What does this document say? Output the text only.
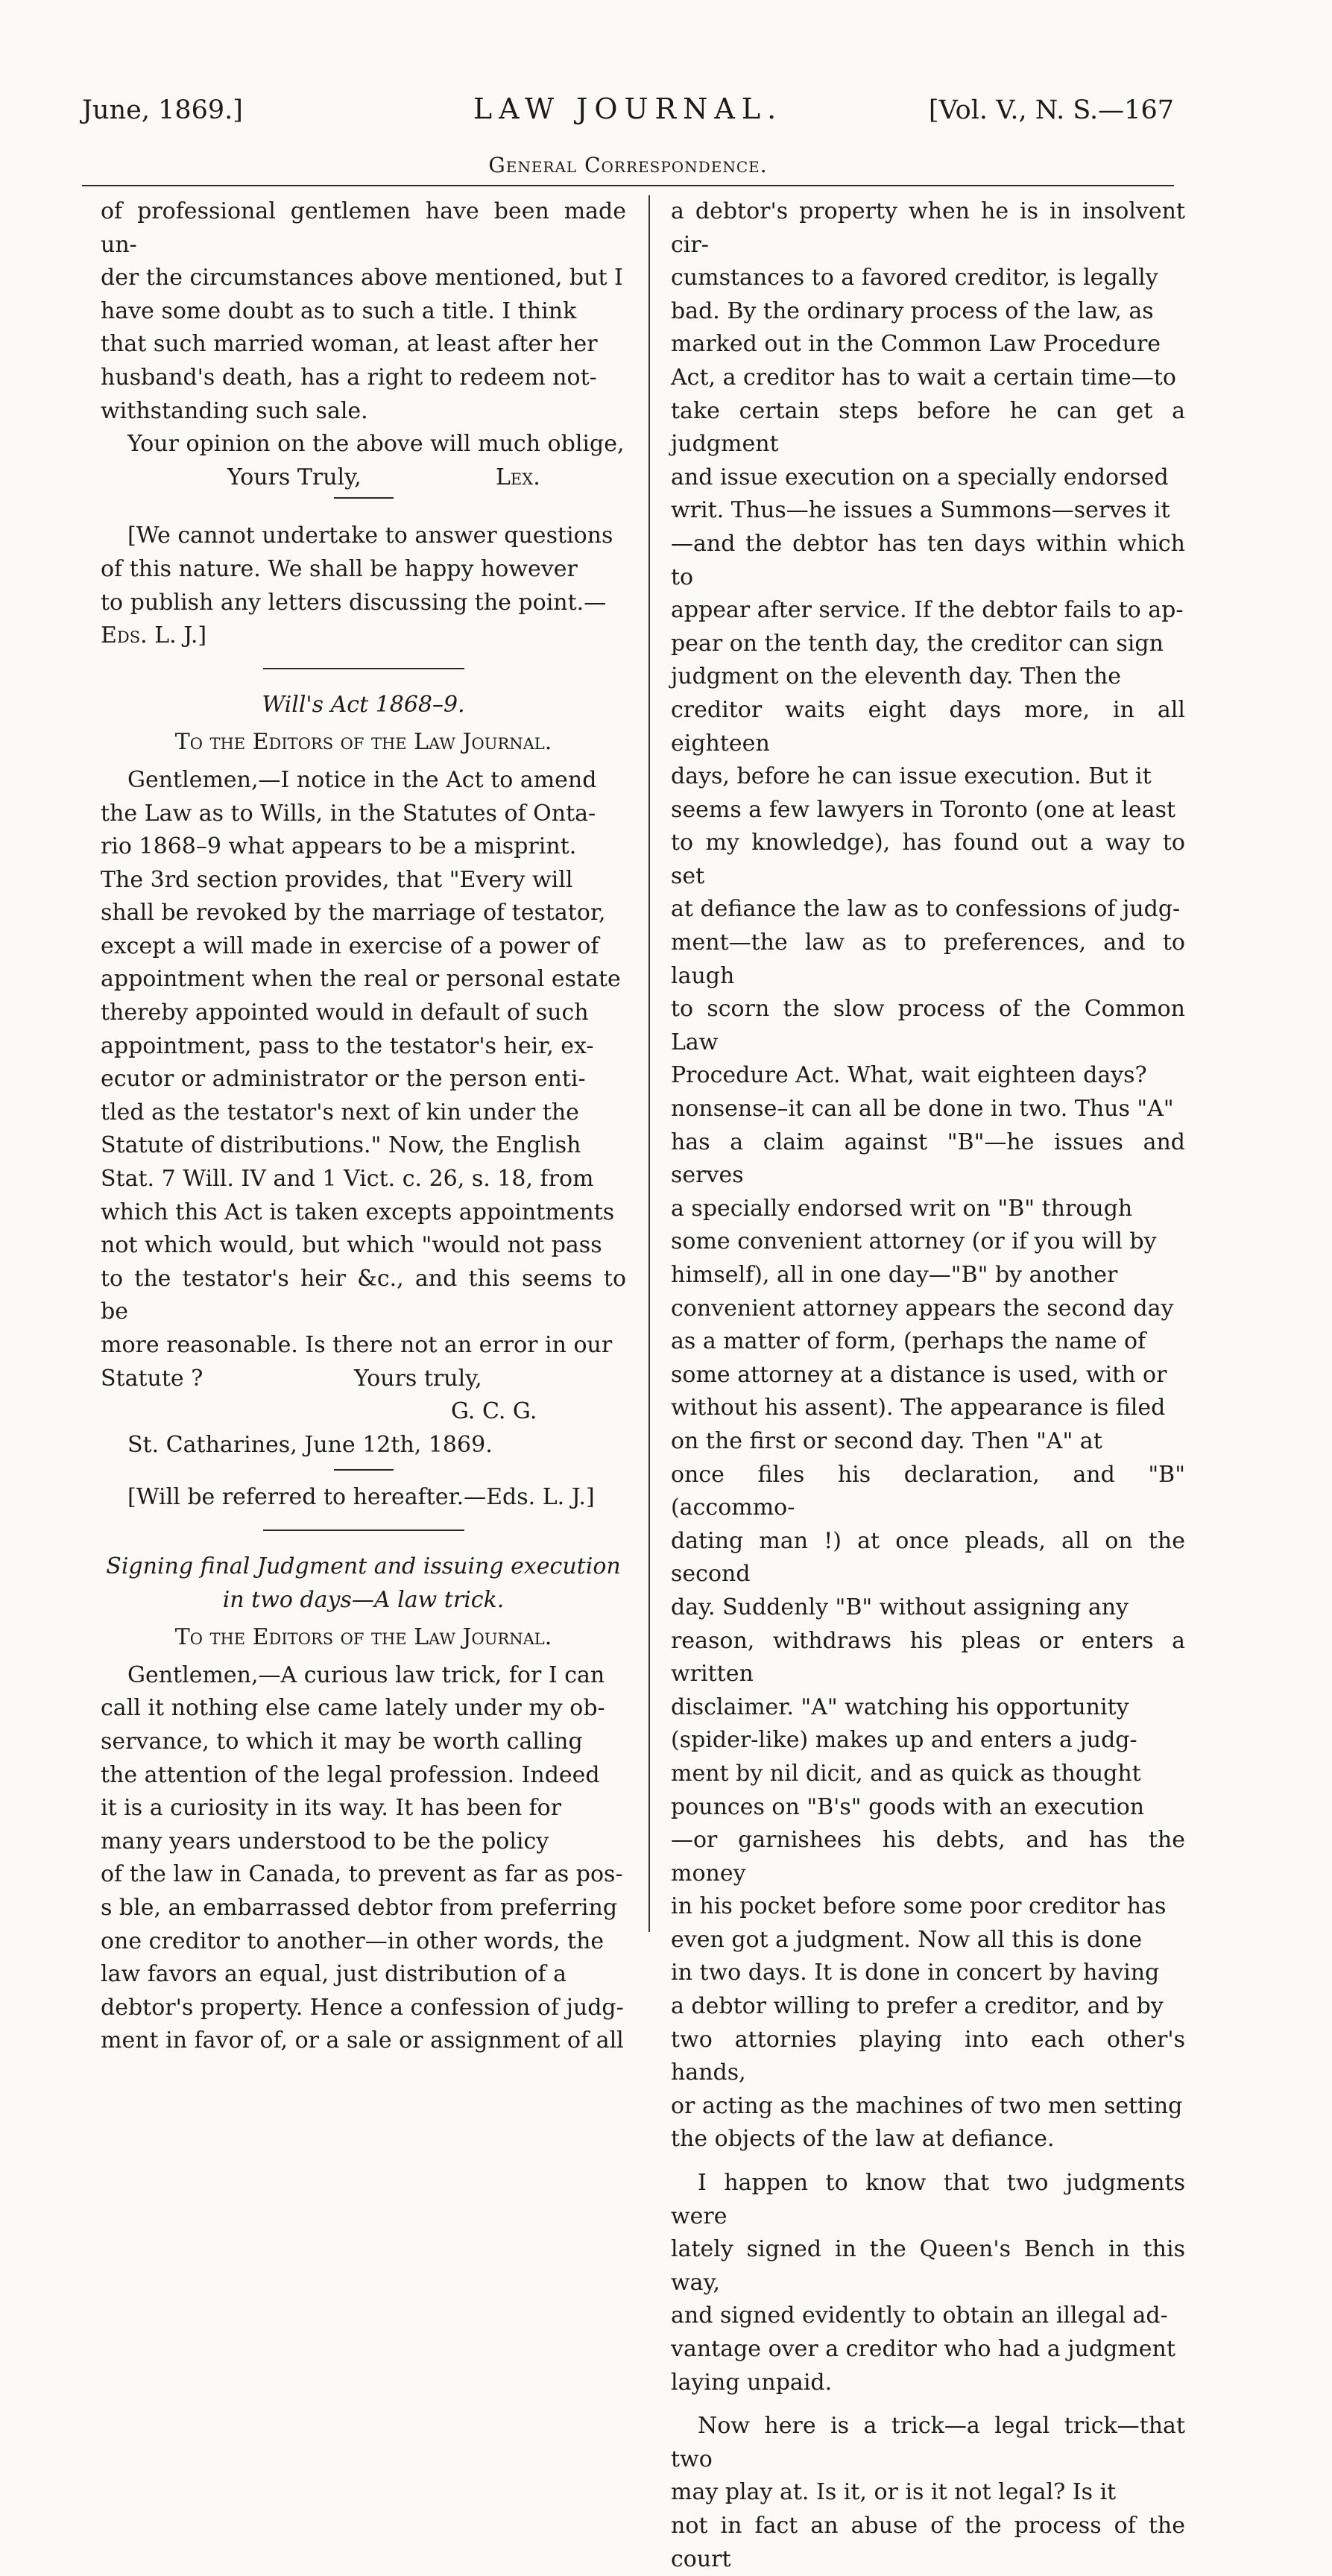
June, 1869.]	LAW JOURNAL.	[Vol. V., N. S.—167
General Correspondence.

of professional gentlemen have been made un-

der the circumstances above mentioned, but I

have some doubt as to such a title. I think

that such married woman, at least after her

husband's death, has a right to redeem not-

withstanding such sale.

Your opinion on the above will much oblige,

Yours Truly,	Lex.

[We cannot undertake to answer questions

of this nature. We shall be happy however

to publish any letters discussing the point.—

Eds. L. J.]

Will's Act 1868–9.

To the Editors of the Law Journal.

Gentlemen,—I notice in the Act to amend

the Law as to Wills, in the Statutes of Onta-

rio 1868–9 what appears to be a misprint.

The 3rd section provides, that "Every will

shall be revoked by the marriage of testator,

except a will made in exercise of a power of

appointment when the real or personal estate

thereby appointed would in default of such

appointment, pass to the testator's heir, ex-

ecutor or administrator or the person enti-

tled as the testator's next of kin under the

Statute of distributions." Now, the English

Stat. 7 Will. IV and 1 Vict. c. 26, s. 18, from

which this Act is taken excepts appointments

not which would, but which "would not pass

to the testator's heir &c., and this seems to be

more reasonable. Is there not an error in our

Statute ?	Yours truly,
G. C. G.

St. Catharines, June 12th, 1869.

[Will be referred to hereafter.—Eds. L. J.]

Signing final Judgment and issuing execution

in two days—A law trick.

To the Editors of the Law Journal.

Gentlemen,—A curious law trick, for I can

call it nothing else came lately under my ob-

servance, to which it may be worth calling

the attention of the legal profession. Indeed

it is a curiosity in its way. It has been for

many years understood to be the policy

of the law in Canada, to prevent as far as pos-

s ble, an embarrassed debtor from preferring

one creditor to another—in other words, the

law favors an equal, just distribution of a

debtor's property. Hence a confession of judg-

ment in favor of, or a sale or assignment of all

a debtor's property when he is in insolvent cir-

cumstances to a favored creditor, is legally

bad. By the ordinary process of the law, as

marked out in the Common Law Procedure

Act, a creditor has to wait a certain time—to

take certain steps before he can get a judgment

and issue execution on a specially endorsed

writ. Thus—he issues a Summons—serves it

—and the debtor has ten days within which to

appear after service. If the debtor fails to ap-

pear on the tenth day, the creditor can sign

judgment on the eleventh day. Then the

creditor waits eight days more, in all eighteen

days, before he can issue execution. But it

seems a few lawyers in Toronto (one at least

to my knowledge), has found out a way to set

at defiance the law as to confessions of judg-

ment—the law as to preferences, and to laugh

to scorn the slow process of the Common Law

Procedure Act. What, wait eighteen days?

nonsense–it can all be done in two. Thus "A"

has a claim against "B"—he issues and serves

a specially endorsed writ on "B" through

some convenient attorney (or if you will by

himself), all in one day—"B" by another

convenient attorney appears the second day

as a matter of form, (perhaps the name of

some attorney at a distance is used, with or

without his assent). The appearance is filed

on the first or second day. Then "A" at

once files his declaration, and "B" (accommo-

dating man !) at once pleads, all on the second

day. Suddenly "B" without assigning any

reason, withdraws his pleas or enters a written

disclaimer. "A" watching his opportunity

(spider-like) makes up and enters a judg-

ment by nil dicit, and as quick as thought

pounces on "B's" goods with an execution

—or garnishees his debts, and has the money

in his pocket before some poor creditor has

even got a judgment. Now all this is done

in two days. It is done in concert by having

a debtor willing to prefer a creditor, and by

two attornies playing into each other's hands,

or acting as the machines of two men setting

the objects of the law at defiance.

I happen to know that two judgments were

lately signed in the Queen's Bench in this way,

and signed evidently to obtain an illegal ad-

vantage over a creditor who had a judgment

laying unpaid.

Now here is a trick—a legal trick—that two

may play at. Is it, or is it not legal? Is it

not in fact an abuse of the process of the court
